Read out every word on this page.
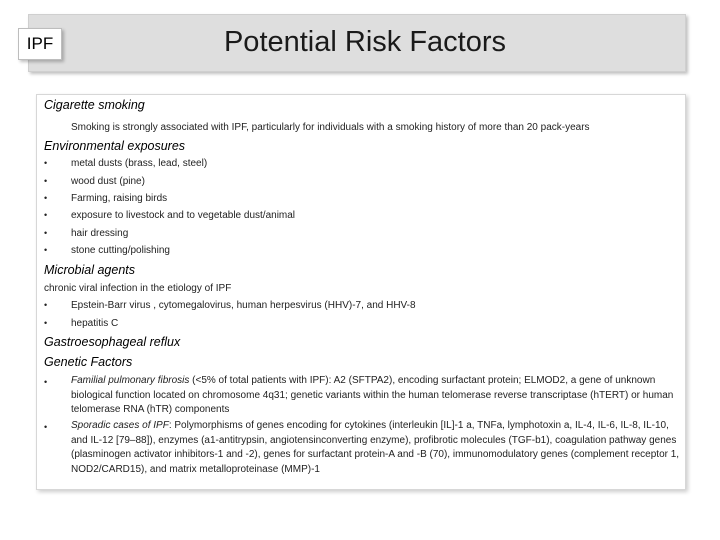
IPF	Potential Risk Factors
Cigarette smoking
Smoking is strongly associated with IPF, particularly for individuals with a smoking history of more than 20 pack-years
Environmental exposures
• metal dusts (brass, lead, steel)
• wood dust (pine)
• Farming, raising birds
• exposure to livestock and to vegetable dust/animal
• hair dressing
• stone cutting/polishing
Microbial agents
chronic viral infection in the etiology of IPF
• Epstein-Barr virus , cytomegalovirus, human herpesvirus (HHV)-7, and HHV-8
• hepatitis C
Gastroesophageal reflux
Genetic Factors
• Familial pulmonary fibrosis (<5% of total patients with IPF): A2 (SFTPA2), encoding surfactant protein; ELMOD2, a gene of unknown biological function located on chromosome 4q31; genetic variants within the human telomerase reverse transcriptase (hTERT) or human telomerase RNA (hTR) components
• Sporadic cases of IPF: Polymorphisms of genes encoding for cytokines (interleukin [IL]-1 a, TNFa, lymphotoxin a, IL-4, IL-6, IL-8, IL-10, and IL-12 [79–88]), enzymes (a1-antitrypsin, angiotensinconverting enzyme), profibrotic molecules (TGF-b1), coagulation pathway genes (plasminogen activator inhibitors-1 and -2), genes for surfactant protein-A and -B (70), immunomodulatory genes (complement receptor 1, NOD2/CARD15), and matrix metalloproteinase (MMP)-1
